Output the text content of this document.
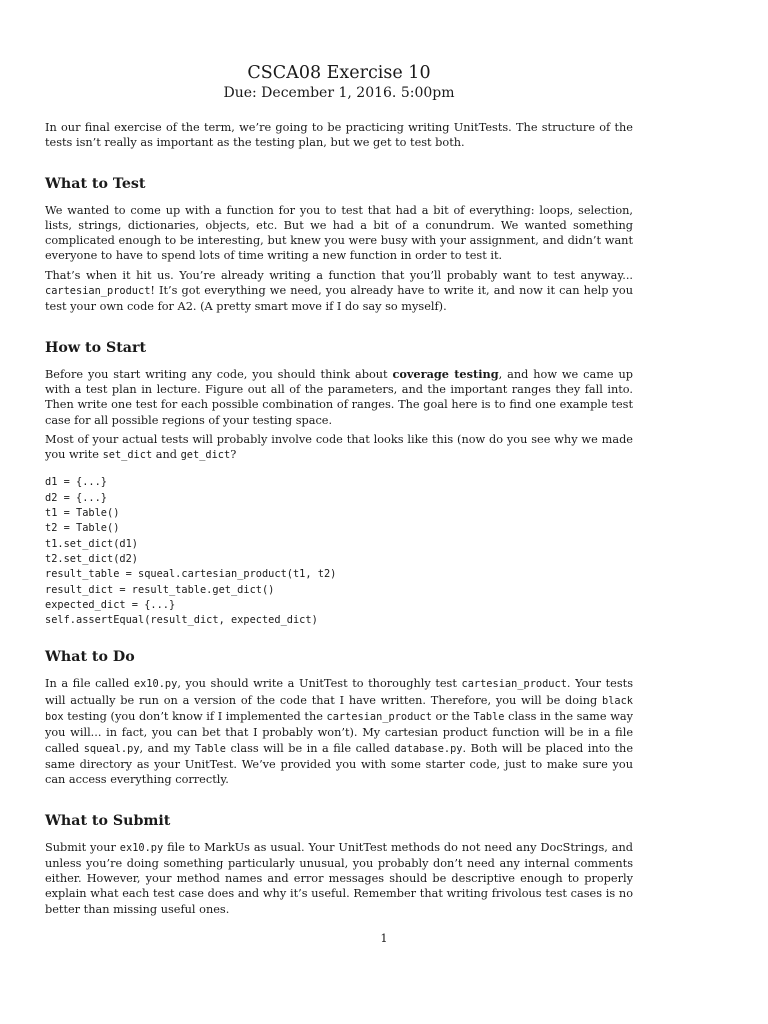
CSCA08 Exercise 10
Due: December 1, 2016. 5:00pm

In our final exercise of the term, we’re going to be practicing writing UnitTests. The structure of the tests isn’t really as important as the testing plan, but we get to test both.

What to Test

We wanted to come up with a function for you to test that had a bit of everything: loops, selection, lists, strings, dictionaries, objects, etc. But we had a bit of a conundrum. We wanted something complicated enough to be interesting, but knew you were busy with your assignment, and didn’t want everyone to have to spend lots of time writing a new function in order to test it.

That’s when it hit us. You’re already writing a function that you’ll probably want to test anyway... cartesian_product! It’s got everything we need, you already have to write it, and now it can help you test your own code for A2. (A pretty smart move if I do say so myself).

How to Start

Before you start writing any code, you should think about coverage testing, and how we came up with a test plan in lecture. Figure out all of the parameters, and the important ranges they fall into. Then write one test for each possible combination of ranges. The goal here is to find one example test case for all possible regions of your testing space.

Most of your actual tests will probably involve code that looks like this (now do you see why we made you write set_dict and get_dict?

d1 = {...}
d2 = {...}
t1 = Table()
t2 = Table()
t1.set_dict(d1)
t2.set_dict(d2)
result_table = squeal.cartesian_product(t1, t2)
result_dict = result_table.get_dict()
expected_dict = {...}
self.assertEqual(result_dict, expected_dict)
What to Do

In a file called ex10.py, you should write a UnitTest to thoroughly test cartesian_product. Your tests will actually be run on a version of the code that I have written. Therefore, you will be doing black box testing (you don’t know if I implemented the cartesian_product or the Table class in the same way you will... in fact, you can bet that I probably won’t). My cartesian product function will be in a file called squeal.py, and my Table class will be in a file called database.py. Both will be placed into the same directory as your UnitTest. We’ve provided you with some starter code, just to make sure you can access everything correctly.

What to Submit

Submit your ex10.py file to MarkUs as usual. Your UnitTest methods do not need any DocStrings, and unless you’re doing something particularly unusual, you probably don’t need any internal comments either. However, your method names and error messages should be descriptive enough to properly explain what each test case does and why it’s useful. Remember that writing frivolous test cases is no better than missing useful ones.

1
